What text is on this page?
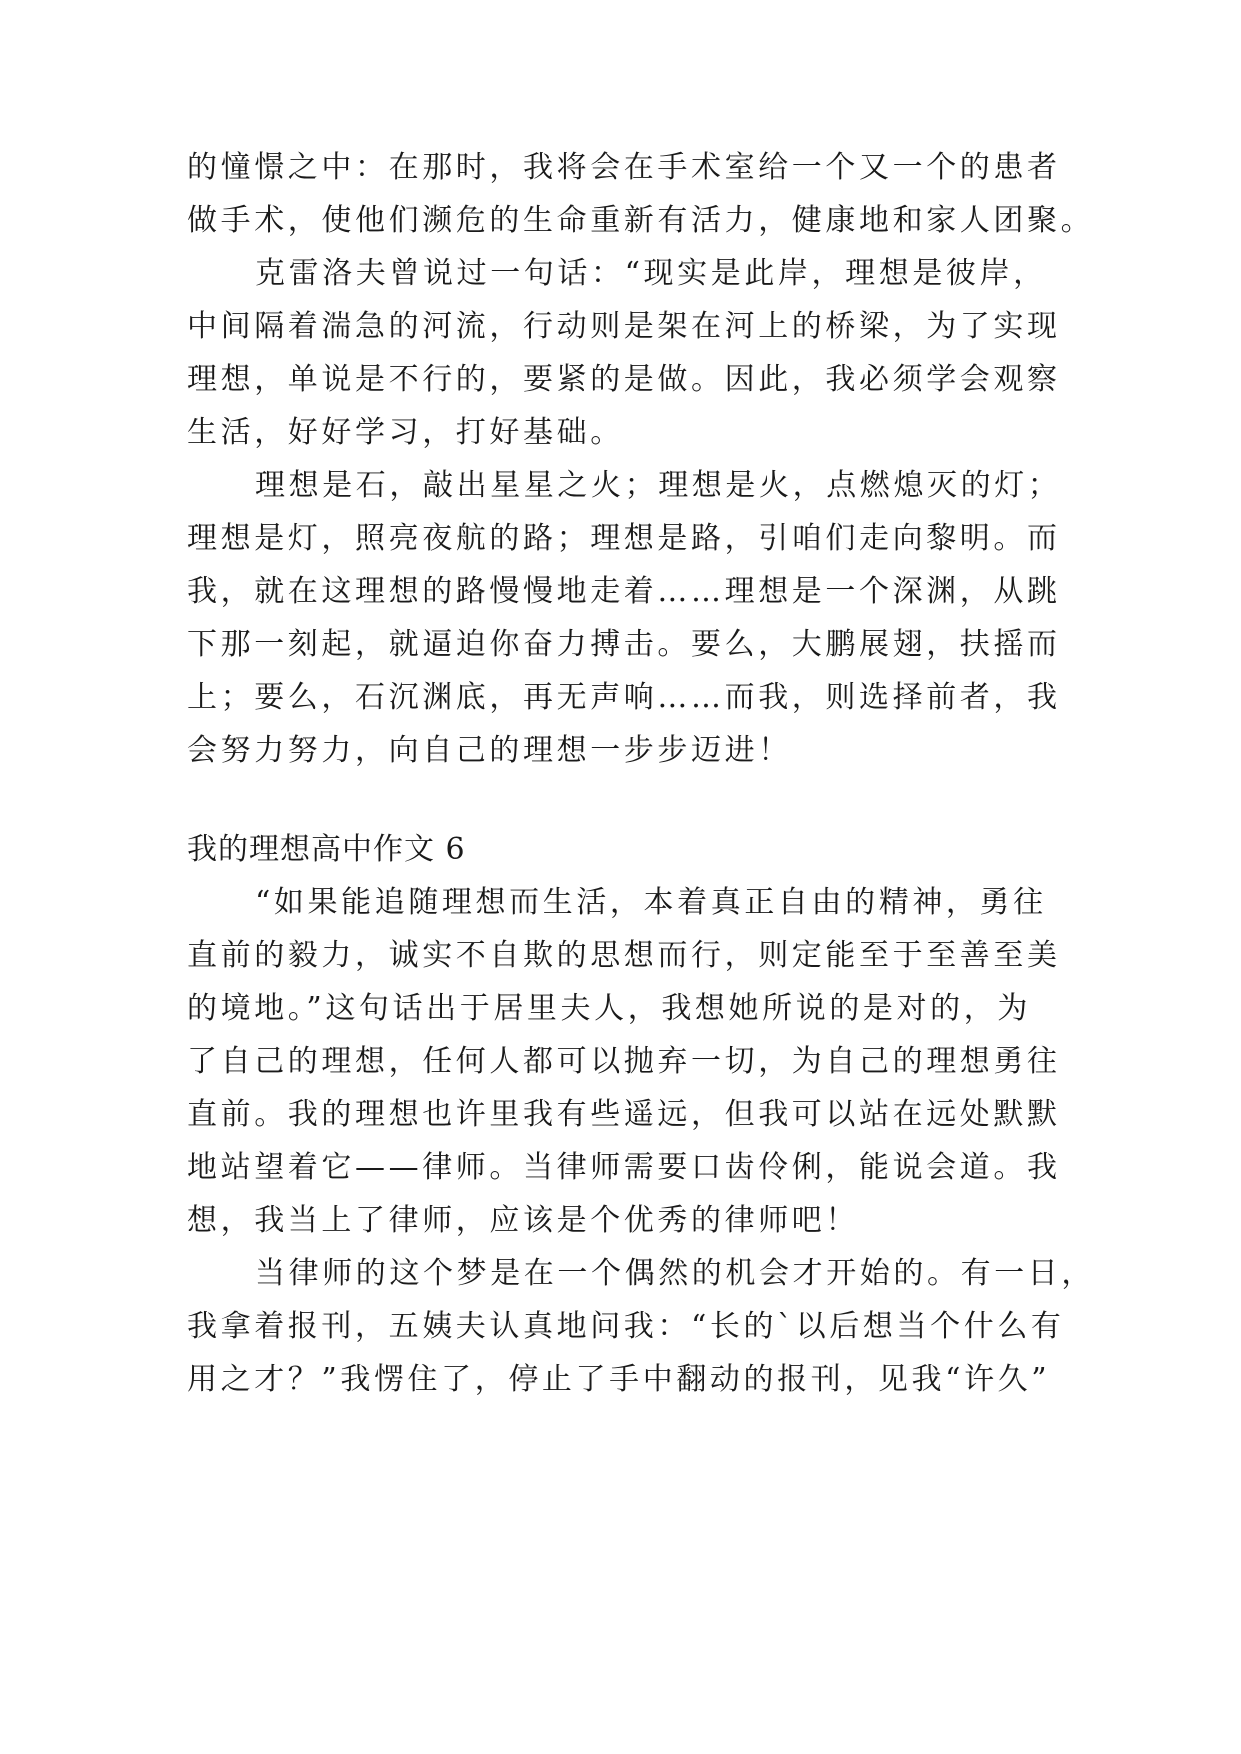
的憧憬之中：在那时，我将会在手术室给一个又一个的患者
做手术，使他们濒危的生命重新有活力，健康地和家人团聚。
克雷洛夫曾说过一句话：“现实是此岸，理想是彼岸，
中间隔着湍急的河流，行动则是架在河上的桥梁，为了实现
理想，单说是不行的，要紧的是做。因此，我必须学会观察
生活，好好学习，打好基础。
理想是石，敲出星星之火；理想是火，点燃熄灭的灯；
理想是灯，照亮夜航的路；理想是路，引咱们走向黎明。而
我，就在这理想的路慢慢地走着……理想是一个深渊，从跳
下那一刻起，就逼迫你奋力搏击。要么，大鹏展翅，扶摇而
上；要么，石沉渊底，再无声响……而我，则选择前者，我
会努力努力，向自己的理想一步步迈进！
我的理想高中作文 6
“如果能追随理想而生活，本着真正自由的精神，勇往
直前的毅力，诚实不自欺的思想而行，则定能至于至善至美
的境地。”这句话出于居里夫人，我想她所说的是对的，为
了自己的理想，任何人都可以抛弃一切，为自己的理想勇往
直前。我的理想也许里我有些遥远，但我可以站在远处默默
地站望着它——律师。当律师需要口齿伶俐，能说会道。我
想，我当上了律师，应该是个优秀的律师吧！
当律师的这个梦是在一个偶然的机会才开始的。有一日，
我拿着报刊，五姨夫认真地问我：“长的`以后想当个什么有
用之才？”我愣住了，停止了手中翻动的报刊，见我“许久”
